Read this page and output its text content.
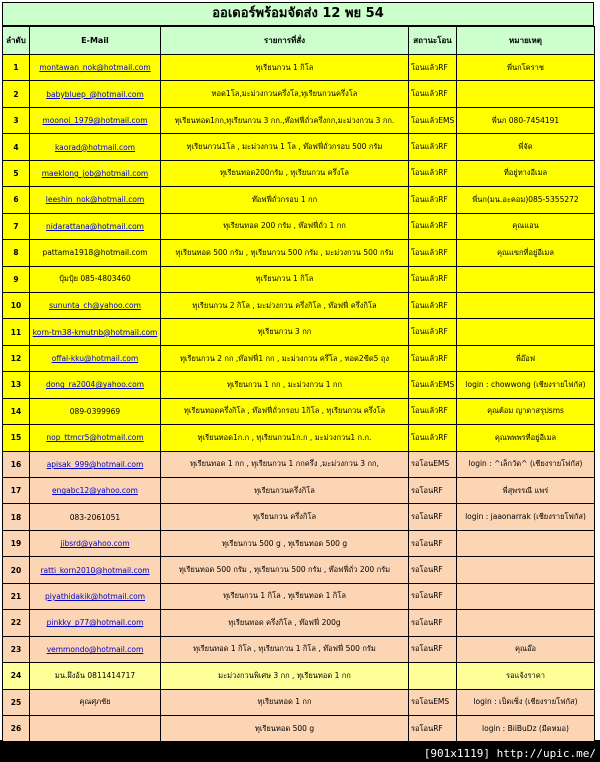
ออเดอร์พร้อมจัดส่ง 12 พย 54
ลำดับ	E-Mail	รายการที่สั่ง	สถานะโอน	หมายเหตุ
1	montawan_nok@hotmail.com	ทุเรียนกวน 1 กิโล	โอนแล้วRF	พี่นกโคราช
2	babybluep_@hotmail.com	ทอด1โล,มะม่วงกวนครึ่งโล,ทุเรียนกวนครึ่งโล	โอนแล้วRF	
3	moonoi_1979@hotmail.com	ทุเรียนทอด1กก,ทุเรียนกวน 3 กก.,ท๊อฟฟี่ถั่วครึ่งกก,มะม่วงกวน 3 กก.	โอนแล้วEMS	พี่นก 080-7454191
4	kaorad@hotmail.com	ทุเรียนกวน1โล , มะม่วงกวน 1 โล , ท๊อฟฟี่ถั่วกรอบ 500 กรัม	โอนแล้วRF	พี่จัด
5	maeklong_job@hotmail.com	ทุเรียนทอด200กรัม , ทุเรียนกวน ครึ่งโล	โอนแล้วRF	ที่อยู่ทางอีเมล
6	leeshin_nok@hotmail.com	ท๊อฟฟี่ถั่วกรอบ 1 กก	โอนแล้วRF	พี่นก(มน.อะคอม)085-5355272
7	nidarattana@hotmail.com	ทุเรียนทอด 200 กรัม , ท๊อฟฟี่ถั่ว 1 กก	โอนแล้วRF	คุณแอน
8	pattama1918@hotmail.com	ทุเรียนทอด 500 กรัม , ทุเรียนกวน 500 กรัม , มะม่วงกวน 500 กรัม	โอนแล้วRF	คุณแขกที่อยู่อีเมล
9	ปุ้มปุ้ย 085-4803460	ทุเรียนกวน 1 กิโล	โอนแล้วRF	
10	sununta_ch@yahoo.com	ทุเรียนกวน 2 กิโล , มะม่วงกวน ครึ่งกิโล , ท๊อฟฟี่ ครึ่งกิโล	โอนแล้วRF	
11	korn-tm38-kmutnb@hotmail.com	ทุเรียนกวน 3 กก	โอนแล้วRF	
12	offal-kku@hotmail.com	ทุเรียนกวน 2 กก ,ท๊อฟฟี่1 กก , มะม่วงกวน ครึ่โล , ทอด2ขีด5 ถุง	โอนแล้วRF	พี่อ๊อฟ
13	dong_ra2004@yahoo.com	ทุเรียนกวน 1 กก , มะม่วงกวน 1 กก	โอนแล้วEMS	login : chowwong (เชียงรายไฟกัส)
14	089-0399969	ทุเรียนทอดครึ่งกิโล , ท๊อฟฟี่ถั่วกรอบ 1กิโล , ทุเรียนกวน ครึ่งโล	โอนแล้วRF	คุณต้อม ญาดาสรุปsms
15	nop_ttmcr5@hotmail.com	ทุเรียนทอด1ก.ก , ทุเรียนกวน1ก.ก , มะม่วงกวน1 ก.ก.	โอนแล้วRF	คุณพพพรที่อยู่อีเมล
16	apisak_999@hotmail.com	ทุเรียนทอด 1 กก , ทุเรียนกวน 1 กกครึ่ง ,มะม่วงกวน 3 กก,	รอโอนEMS	login : ^เล็กวัด^ (เชียงรายโฟกัส)
17	engabc12@yahoo.com	ทุเรียนกวนครึ่งกิโล	รอโอนRF	พี่สุพรรณี แพร่
18	083-2061051	ทุเรียนกวน ครึ่งกิโล	รอโอนRF	login : jaaonarrak (เชียงรายโฟกัส)
19	jibsrd@yahoo.com	ทุเรียนกวน 500 g , ทุเรียนทอด 500 g	รอโอนRF	
20	ratti_korn2010@hotmail.com	ทุเรียนทอด 500 กรัม , ทุเรียนกวน 500 กรัม , ท๊อฟฟี่ถั่ว 200 กรัม	รอโอนRF	
21	piyathidakik@hotmail.com	ทุเรียนกวน 1 กิโล , ทุเรียนทอด 1 กิโล	รอโอนRF	
22	pinkky_p77@hotmail.com	ทุเรียนทอด ครึ่งกิโล , ท๊อฟฟี่ 200g	รอโอนRF	
23	vemmondo@hotmail.com	ทุเรียนทอด 1 กิโล , ทุเรียนกวน 1 กิโล , ท๊อฟฟี่ 500 กรัม	รอโอนRF	คุณอ๊อ
24	มน.ผึงอ้น 0811414717	มะม่วงกวนพิเศษ 3 กก , ทุเรียนทอด 1 กก		รอแจ้งราคา
25	คุณศุภชัย	ทุเรียนทอด 1 กก	รอโอนEMS	login : เป็ดเซิ่ง (เชียงรายโฟกัส)
26		ทุเรียนทอด 500 g	รอโอนRF	login : BiiBuDz (มีดหมอ)
[901x1119] http://upic.me/
